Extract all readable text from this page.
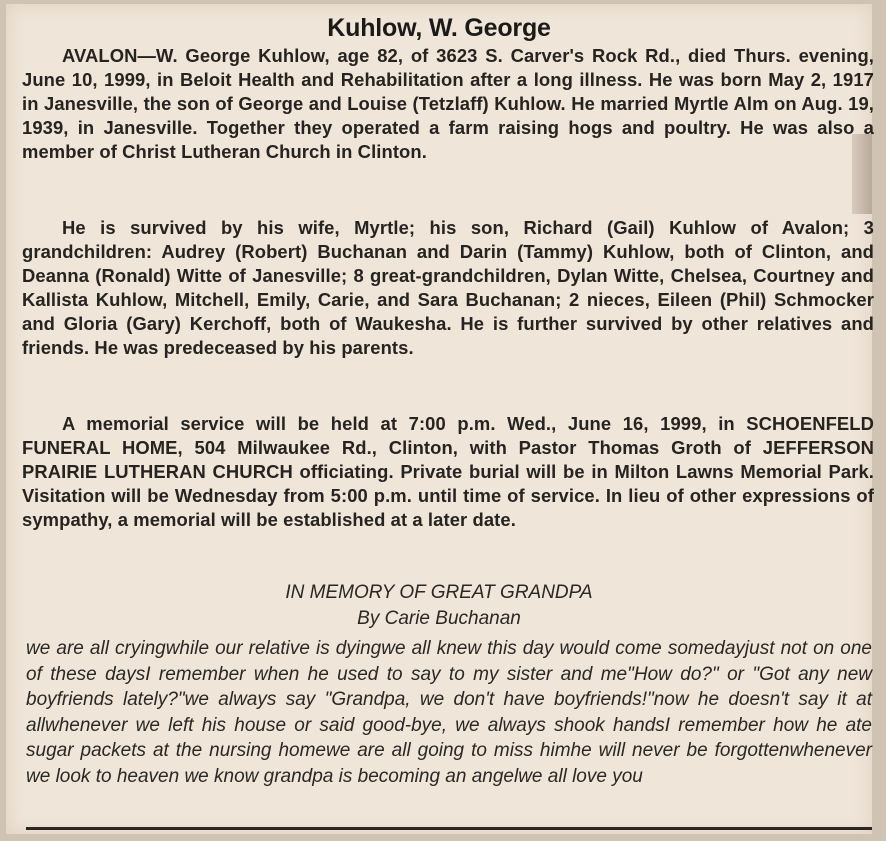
Kuhlow, W. George
AVALON—W. George Kuhlow, age 82, of 3623 S. Carver's Rock Rd., died Thurs. evening, June 10, 1999, in Beloit Health and Rehabilitation after a long illness. He was born May 2, 1917 in Janesville, the son of George and Louise (Tetzlaff) Kuhlow. He married Myrtle Alm on Aug. 19, 1939, in Janesville. Together they operated a farm raising hogs and poultry. He was also a member of Christ Lutheran Church in Clinton.
He is survived by his wife, Myrtle; his son, Richard (Gail) Kuhlow of Avalon; 3 grandchildren: Audrey (Robert) Buchanan and Darin (Tammy) Kuhlow, both of Clinton, and Deanna (Ronald) Witte of Janesville; 8 great-grandchildren, Dylan Witte, Chelsea, Courtney and Kallista Kuhlow, Mitchell, Emily, Carie, and Sara Buchanan; 2 nieces, Eileen (Phil) Schmocker and Gloria (Gary) Kerchoff, both of Waukesha. He is further survived by other relatives and friends. He was predeceased by his parents.
A memorial service will be held at 7:00 p.m. Wed., June 16, 1999, in SCHOENFELD FUNERAL HOME, 504 Milwaukee Rd., Clinton, with Pastor Thomas Groth of JEFFERSON PRAIRIE LUTHERAN CHURCH officiating. Private burial will be in Milton Lawns Memorial Park. Visitation will be Wednesday from 5:00 p.m. until time of service. In lieu of other expressions of sympathy, a memorial will be established at a later date.
IN MEMORY OF GREAT GRANDPA
By Carie Buchanan
we are all cryingwhile our relative is dyingwe all knew this day would come somedayjust not on one of these daysI remember when he used to say to my sister and me"How do?" or "Got any new boyfriends lately?"we always say "Grandpa, we don't have boyfriends!"now he doesn't say it at allwhenever we left his house or said good-bye, we always shook handsI remember how he ate sugar packets at the nursing homewe are all going to miss himhe will never be forgottenwhenever we look to heaven we know grandpa is becoming an angelwe all love you
